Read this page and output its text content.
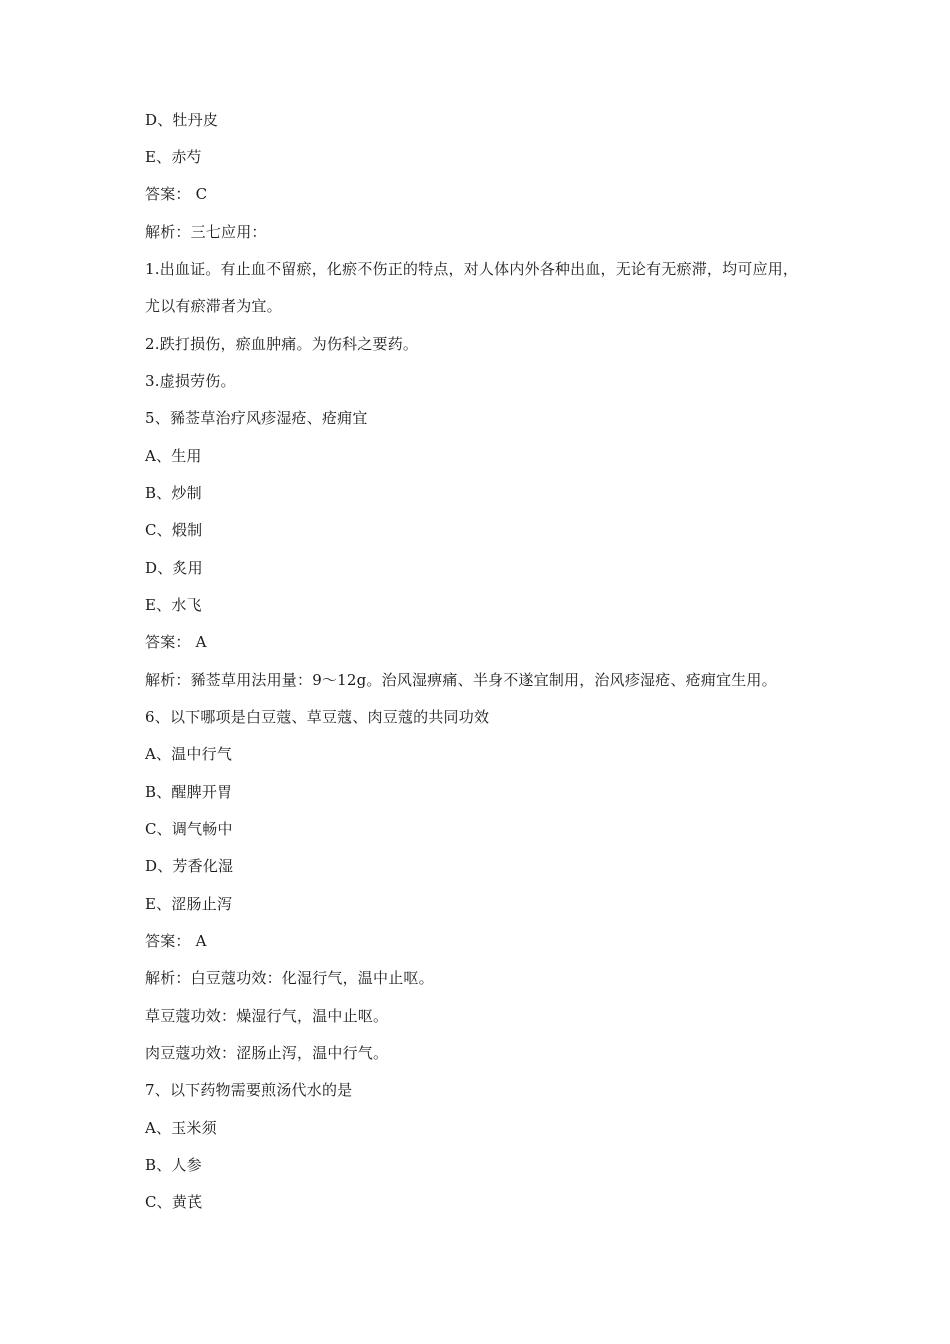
D、牡丹皮
E、赤芍
答案： C
解析：三七应用：
1.出血证。有止血不留瘀，化瘀不伤正的特点，对人体内外各种出血，无论有无瘀滞，均可应用，
尤以有瘀滞者为宜。
2.跌打损伤，瘀血肿痛。为伤科之要药。
3.虚损劳伤。
5、豨莶草治疗风疹湿疮、疮痈宜
A、生用
B、炒制
C、煅制
D、炙用
E、水飞
答案： A
解析：豨莶草用法用量：9～12g。治风湿痹痛、半身不遂宜制用，治风疹湿疮、疮痈宜生用。
6、以下哪项是白豆蔻、草豆蔻、肉豆蔻的共同功效
A、温中行气
B、醒脾开胃
C、调气畅中
D、芳香化湿
E、涩肠止泻
答案： A
解析：白豆蔻功效：化湿行气，温中止呕。
草豆蔻功效：燥湿行气，温中止呕。
肉豆蔻功效：涩肠止泻，温中行气。
7、以下药物需要煎汤代水的是
A、玉米须
B、人参
C、黄芪
